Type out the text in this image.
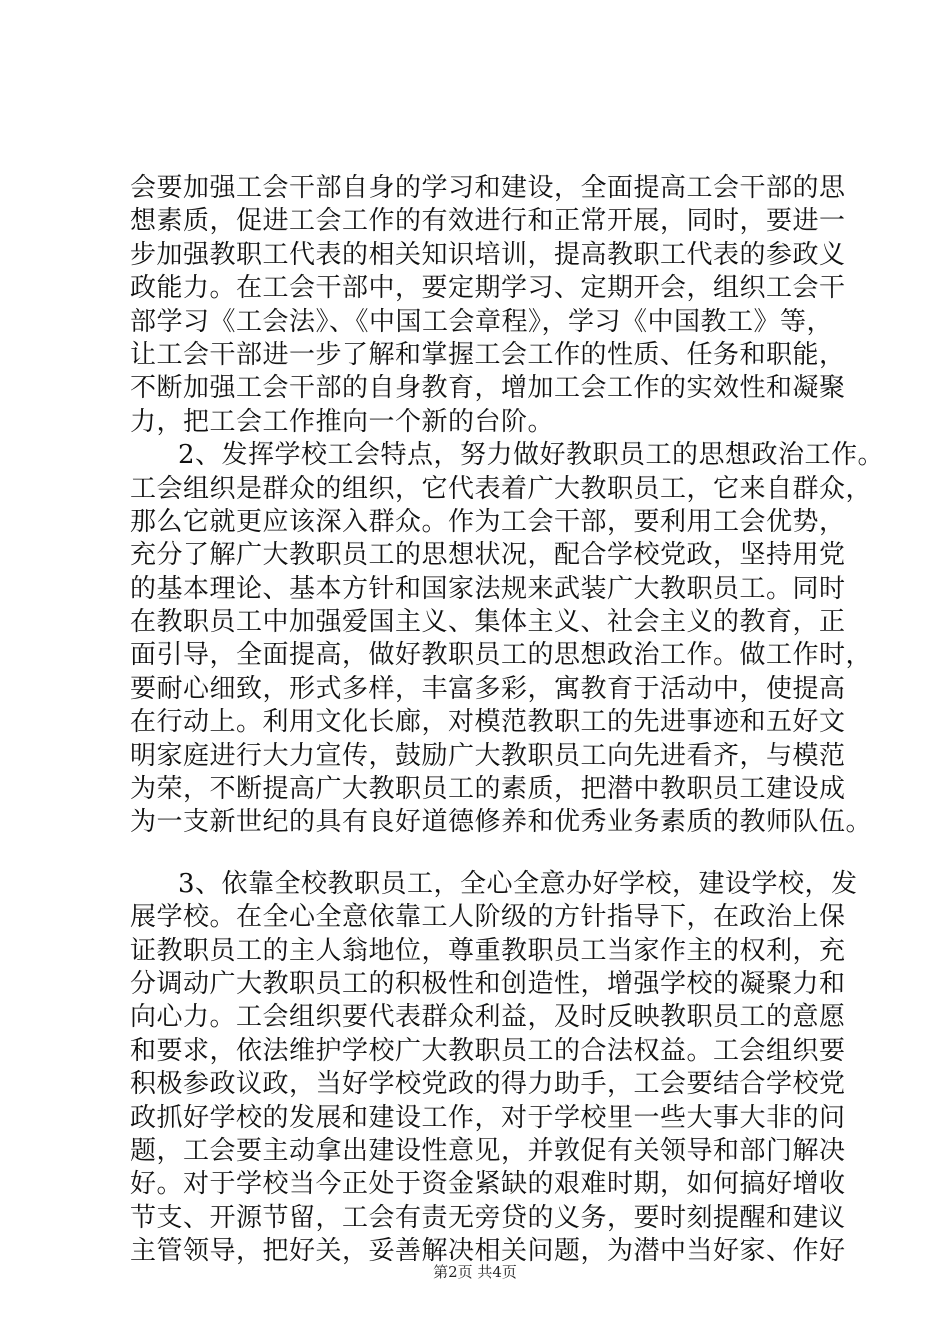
会要加强工会干部自身的学习和建设，全面提高工会干部的思
想素质，促进工会工作的有效进行和正常开展，同时，要进一
步加强教职工代表的相关知识培训，提高教职工代表的参政义
政能力。在工会干部中，要定期学习、定期开会，组织工会干
部学习《工会法》、《中国工会章程》，学习《中国教工》等，
让工会干部进一步了解和掌握工会工作的性质、任务和职能，
不断加强工会干部的自身教育，增加工会工作的实效性和凝聚
力，把工会工作推向一个新的台阶。
2、发挥学校工会特点，努力做好教职员工的思想政治工作。
工会组织是群众的组织，它代表着广大教职员工，它来自群众，
那么它就更应该深入群众。作为工会干部，要利用工会优势，
充分了解广大教职员工的思想状况，配合学校党政，坚持用党
的基本理论、基本方针和国家法规来武装广大教职员工。同时
在教职员工中加强爱国主义、集体主义、社会主义的教育，正
面引导，全面提高，做好教职员工的思想政治工作。做工作时，
要耐心细致，形式多样，丰富多彩，寓教育于活动中，使提高
在行动上。利用文化长廊，对模范教职工的先进事迹和五好文
明家庭进行大力宣传，鼓励广大教职员工向先进看齐，与模范
为荣，不断提高广大教职员工的素质，把潜中教职员工建设成
为一支新世纪的具有良好道德修养和优秀业务素质的教师队伍。
3、依靠全校教职员工，全心全意办好学校，建设学校，发
展学校。在全心全意依靠工人阶级的方针指导下，在政治上保
证教职员工的主人翁地位，尊重教职员工当家作主的权利，充
分调动广大教职员工的积极性和创造性，增强学校的凝聚力和
向心力。工会组织要代表群众利益，及时反映教职员工的意愿
和要求，依法维护学校广大教职员工的合法权益。工会组织要
积极参政议政，当好学校党政的得力助手，工会要结合学校党
政抓好学校的发展和建设工作，对于学校里一些大事大非的问
题，工会要主动拿出建设性意见，并敦促有关领导和部门解决
好。对于学校当今正处于资金紧缺的艰难时期，如何搞好增收
节支、开源节留，工会有责无旁贷的义务，要时刻提醒和建议
主管领导，把好关，妥善解决相关问题，为潜中当好家、作好
第2页 共4页
